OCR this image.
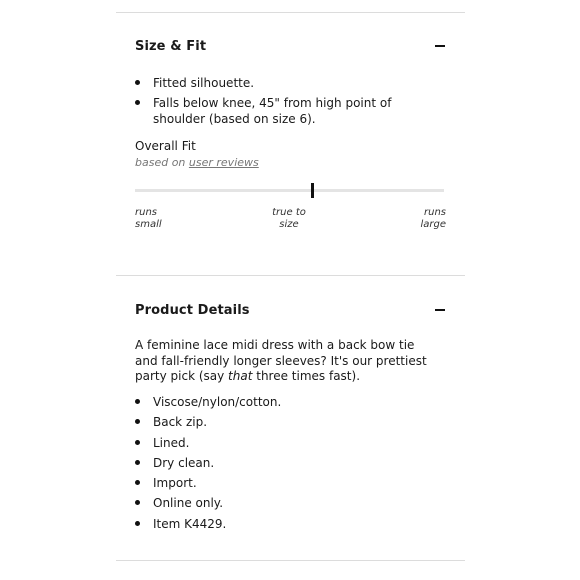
Size & Fit
Fitted silhouette.
Falls below knee, 45" from high point of shoulder (based on size 6).
Overall Fit
based on user reviews
runs
small
true to
size
runs
large
Product Details
A feminine lace midi dress with a back bow tie and fall-friendly longer sleeves? It's our prettiest party pick (say that three times fast).
Viscose/nylon/cotton.
Back zip.
Lined.
Dry clean.
Import.
Online only.
Item K4429.
